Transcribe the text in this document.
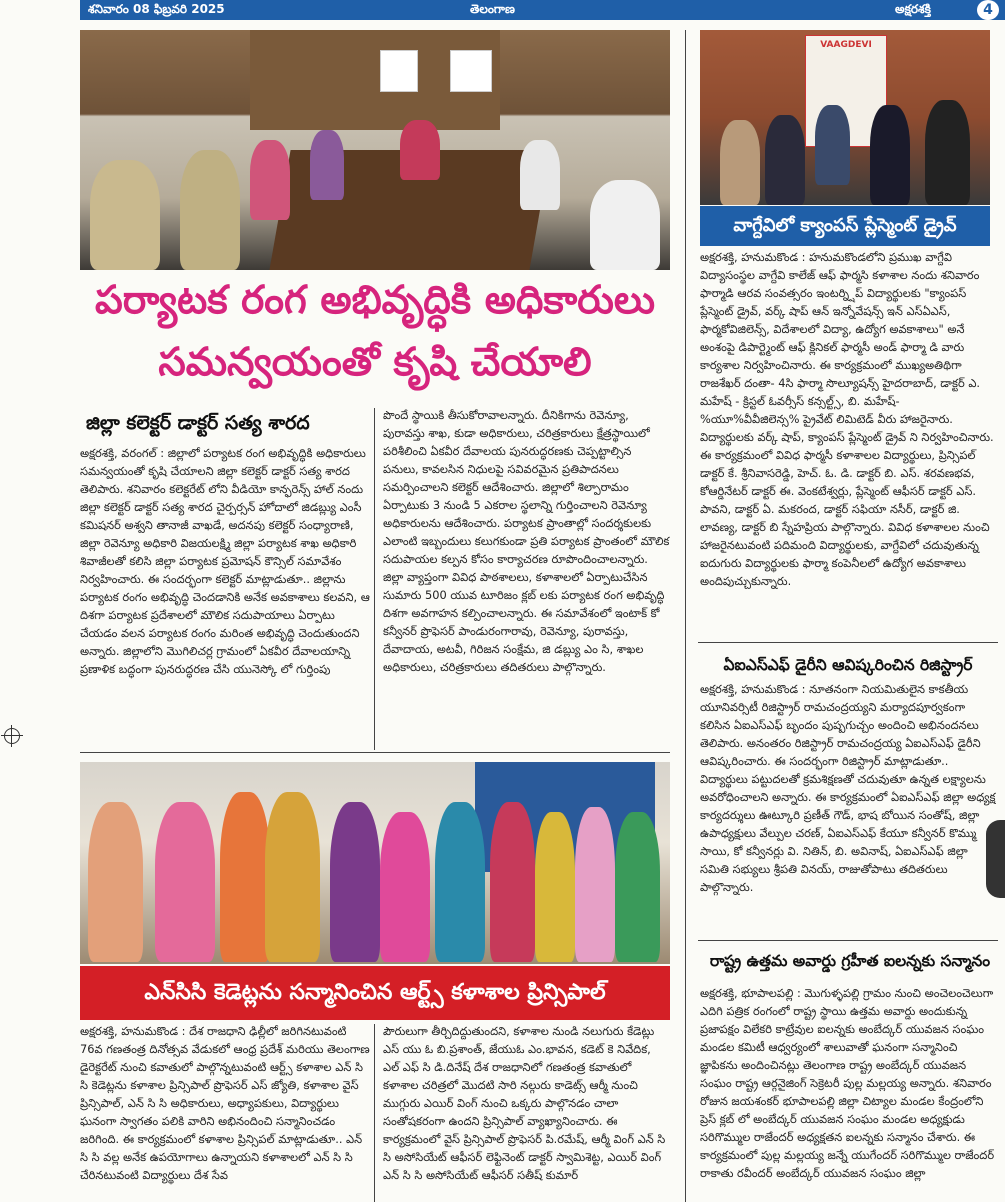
శనివారం 08 ఫిబ్రవరి 2025	తెలంగాణ	అక్షరశక్తి	4
పర్యాటక రంగ అభివృద్ధికి అధికారులు
సమన్వయంతో కృషి చేయాలి
జిల్లా కలెక్టర్ డాక్టర్ సత్య శారద

అక్షరశక్తి, వరంగల్ : జిల్లాలో పర్యాటక రంగ అభివృద్ధికి అధికారులు సమన్వయంతో కృషి చేయాలని జిల్లా కలెక్టర్ డాక్టర్ సత్య శారద తెలిపారు. శనివారం కలెక్టరేట్ లోని వీడియో కాన్ఫరెన్స్ హాల్ నందు జిల్లా కలెక్టర్ డాక్టర్ సత్య శారద చైర్పర్సన్ హోదాలో జిడబ్ల్యు ఎంసీ కమిషనర్ అశ్వని తానాజీ వాఖడే, అదనపు కలెక్టర్ సంధ్యారాణి, జిల్లా రెవెన్యూ అధికారి విజయలక్ష్మి జిల్లా పర్యాటక శాఖ అధికారి శివాజీలతో కలిసి జిల్లా పర్యాటక ప్రమోషన్ కౌన్సిల్ సమావేశం నిర్వహించారు. ఈ సందర్భంగా కలెక్టర్ మాట్లాడుతూ.. జిల్లాను పర్యాటక రంగం అభివృద్ధి చెందడానికి అనేక అవకాశాలు కలవని, ఆ దిశగా పర్యాటక ప్రదేశాలలో మౌలిక సదుపాయాలు ఏర్పాటు చేయడం వలన పర్యాటక రంగం మరింత అభివృద్ధి చెందుతుందని అన్నారు. జిల్లాలోని మొగిలిచర్ల గ్రామంలో ఏకవీర దేవాలయాన్ని ప్రణాళిక బద్ధంగా పునరుద్ధరణ చేసి యునెస్కో లో గుర్తింపు

పొందే స్థాయికి తీసుకోరావాలన్నారు. దీనికిగాను రెవెన్యూ, పురావస్తు శాఖ, కుడా అధికారులు, చరిత్రకారులు క్షేత్రస్థాయిలో పరిశీలించి ఏకవీర దేవాలయ పునరుద్ధరణకు చెప్పట్టాల్సిన పనులు, కావలసిన నిధులపై సవివరమైన ప్రతిపాదనలు సమర్పించాలని కలెక్టర్ ఆదేశించారు. జిల్లాలో శిల్పారామం ఏర్పాటుకు 3 నుండి 5 ఎకరాల స్థలాన్ని గుర్తించాలని రెవెన్యూ అధికారులను ఆదేశించారు. పర్యాటక ప్రాంతాల్లో సందర్శకులకు ఎలాంటి ఇబ్బందులు కలుగకుండా ప్రతి పర్యాటక ప్రాంతంలో మౌలిక సదుపాయల కల్పన కోసం కార్యాచరణ రూపొందించాలన్నారు. జిల్లా వ్యాప్తంగా వివిధ పాఠశాలలు, కళాశాలలో ఏర్పాటుచేసిన సుమారు 500 యువ టూరిజం క్లబ్ లకు పర్యాటక రంగ అభివృద్ధి దిశగా అవగాహన కల్పించాలన్నారు. ఈ సమావేశంలో ఇంటాక్ కో కన్వీనర్ ప్రొఫెసర్ పాండురంగారావు, రెవెన్యూ, పురావస్తు, దేవాదాయ, అటవీ, గిరిజన సంక్షేమ, జి డబ్ల్యు ఎం సి, శాఖల అధికారులు, చరిత్రకారులు తదితరులు పాల్గొన్నారు.

ఎన్‌సిసి కెడెట్లను సన్మానించిన ఆర్ట్స్ కళాశాల ప్రిన్సిపాల్

అక్షరశక్తి, హనుమకొండ : దేశ రాజధాని ఢిల్లీలో జరిగినటువంటి 76వ గణతంత్ర దినోత్సవ వేడుకలో ఆంధ్ర ప్రదేశ్ మరియు తెలంగాణ డైరెక్టరేట్ నుంచి కవాతులో పాల్గొన్నటువంటి ఆర్ట్స్ కళాశాల ఎన్ సి సి కెడెట్లను కళాశాల ప్రిన్సిపాల్ ప్రొఫెసర్ ఎస్ జ్యోతి, కళాశాల వైస్ ప్రిన్సిపాల్, ఎన్ సి సి అధికారులు, అధ్యాపకులు, విద్యార్థులు ఘనంగా స్వాగతం పలికి వారిని అభినందించి సన్మానించడం జరిగింది. ఈ కార్యక్రమంలో కళాశాల ప్రిన్సిపల్ మాట్లాడుతూ.. ఎన్ సి సి వల్ల అనేక ఉపయోగాలు ఉన్నాయని కళాశాలలో ఎన్ సి సి చేరినటువంటి విద్యార్థులు దేశ సేవ

పౌరులుగా తీర్చిదిద్దుతుందని, కళాశాల నుండి నలుగురు కేడెట్లు ఎస్ యు ఓ బి.ప్రశాంత్, జేయుఓ ఎం.భావన, కడెట్ కె నివేదిక, ఎల్ ఎఫ్ సి డి.దినేష్ దేశ రాజధానిలో గణతంత్ర కవాతులో కళాశాల చరిత్రలో మొదటి సారి నల్గురు కాడెట్స్ ఆర్మీ నుంచి ముగ్గురు ఎయిర్ వింగ్ నుంచి ఒక్కరు పాల్గొనడం చాలా సంతోషకరంగా ఉందని ప్రిన్సిపాల్ వ్యాఖ్యానించారు. ఈ కార్యక్రమంలో వైస్ ప్రిన్సిపాల్ ప్రొఫెసర్ పి.రమేష్, ఆర్మీ వింగ్ ఎన్ సి సి అసోసియేట్ ఆఫీసర్ లెఫ్టినెంట్ డాక్టర్ స్వామిశెట్ట, ఎయిర్ వింగ్ ఎన్ సి సి అసోసియేట్ ఆఫీసర్ సతీష్ కుమార్

VAAGDEVI
వాగ్దేవిలో క్యాంపస్ ప్లేస్మెంట్ డ్రైవ్

అక్షరశక్తి, హనుమకొండ : హనుమకొండలోని ప్రముఖ వాగ్దేవి విద్యాసంస్థల వాగ్దేవి కాలేజ్ ఆఫ్ ఫార్మసి కళాశాల నందు శనివారం ఫార్మాడి ఆరవ సంవత్సరం ఇంటర్న్షిప్ విద్యార్థులకు "క్యాంపస్ ప్లేస్మెంట్ డ్రైవ్, వర్క్ షాప్ ఆన్ ఇన్నోవేషన్స్ ఇన్ ఎస్ఏఎస్, ఫార్మకోవిజిలెన్స్, విదేశాలలో విద్యా, ఉద్యోగ అవకాశాలు" అనే అంశంపై డిపార్ట్మెంట్ ఆఫ్ క్లినికల్ ఫార్మసీ అండ్ ఫార్మా డి వారు కార్యశాల నిర్వహించినారు. ఈ కార్యక్రమంలో ముఖ్యఅతిథిగా రాజశేఖర్ దంతా- 4సి ఫార్మా సొల్యూషన్స్ హైదరాబాద్, డాక్టర్ ఎ. మహేష్ - క్రిస్టల్ ఓవర్సీస్ కన్సల్ట్స్, బి. మహేష్- %యూ%వీవీజిలెన్స% ప్రైవేట్ లిమిటెడ్ వీరు హాజరైనారు. విద్యార్థులకు వర్క్ షాప్, క్యాంపస్ ప్లేస్మెంట్ డ్రైవ్ ని నిర్వహించినారు. ఈ కార్యక్రమంలో వివిధ ఫార్మసీ కళాశాలల విద్యార్థులు, ప్రిన్సిపల్ డాక్టర్ కే. శ్రీనివాసరెడ్డి, హెచ్. ఓ. డి. డాక్టర్ బి. ఎస్. శరవణభవ, కోఆర్డినేటర్ డాక్టర్ ఈ. వెంకటేశ్వర్లు, ప్లేస్మెంట్ ఆఫీసర్ డాక్టర్ ఎస్. పావని, డాక్టర్ ఏ. మకరంద, డాక్టర్ సఫియా నసీర్, డాక్టర్ జి. లావణ్య, డాక్టర్ బి స్నేహప్రియ పాల్గొన్నారు. వివిధ కళాశాలల నుంచి హాజరైనటువంటి పదిమంది విద్యార్థులకు, వాగ్దేవిలో చదువుతున్న ఐదుగురు విద్యార్థులకు ఫార్మా కంపెనీలలో ఉద్యోగ అవకాశాలు అందిపుచ్చుకున్నారు.

ఏఐఎస్ఎఫ్ డైరీని ఆవిష్కరించిన రిజిస్ట్రార్

అక్షరశక్తి, హనుమకొండ : నూతనంగా నియమితులైన కాకతీయ యూనివర్సిటీ రిజిస్ట్రార్ రామచంద్రయ్యని మర్యాదపూర్వకంగా కలిసిన ఏఐఎస్ఎఫ్ బృందం పుష్పగుచ్చం అందించి అభినందనలు తెలిపారు. అనంతరం రిజిస్ట్రార్ రామచంద్రయ్య ఏఐఎస్ఎఫ్ డైరీని ఆవిష్కరించారు. ఈ సందర్భంగా రిజిస్ట్రార్ మాట్లాడుతూ.. విద్యార్థులు పట్టుదలతో క్రమశిక్షణతో చదువుతూ ఉన్నత లక్ష్యాలను అవరోధించాలని అన్నారు. ఈ కార్యక్రమంలో ఏఐఎస్ఎఫ్ జిల్లా అధ్యక్ష కార్యదర్శులు ఊట్కూరి ప్రణీత్ గౌడ్, భాష బోయిన సంతోష్, జిల్లా ఉపాధ్యక్షులు వేల్పుల చరణ్, ఏఐఎస్ఎఫ్ కేయూ కన్వీనర్ కొమ్ము సాయి, కో కన్వీనర్లు వి. నితిన్, బి. అవినాష్, ఏఐఎస్ఎఫ్ జిల్లా సమితి సభ్యులు శ్రీపతి వినయ్, రాజుతోపాటు తదితరులు పాల్గొన్నారు.

రాష్ట్ర ఉత్తమ అవార్డు గ్రహీత ఐలన్నకు సన్మానం

అక్షరశక్తి, భూపాలపల్లి : మొగుళ్ళపల్లి గ్రామం నుంచి అంచెలంచెలుగా ఎదిగి పత్రిక రంగంలో రాష్ట్ర స్థాయి ఉత్తమ అవార్డు అందుకున్న ప్రజాపక్షం విలేకరి కాట్రేవుల ఐలన్నకు అంబేద్కర్ యువజన సంఘం మండల కమిటీ ఆధ్వర్యంలో శాలువాతో ఘనంగా సన్మానించి జ్ఞాపికను అందించినట్లు తెలంగాణ రాష్ట్ర అంబేద్కర్ యువజన సంఘం రాష్ట్ర ఆర్గనైజింగ్ సెక్రెటరీ పుల్ల మల్లయ్య అన్నారు. శనివారం రోజున జయశంకర్ భూపాలపల్లి జిల్లా చిట్యాల మండల కేంద్రంలోని ప్రెస్ క్లబ్ లో అంబేద్కర్ యువజన సంఘం మండల అధ్యక్షుడు సరిగొమ్ముల రాజేందర్ అధ్యక్షతన ఐలన్నకు సన్మానం చేశారు. ఈ కార్యక్రమంలో పుల్ల మల్లయ్య జన్నే యుగేందర్ సరిగొమ్ముల రాజేందర్ రాకాతు రవీందర్ అంబేద్కర్ యువజన సంఘం జిల్లా
